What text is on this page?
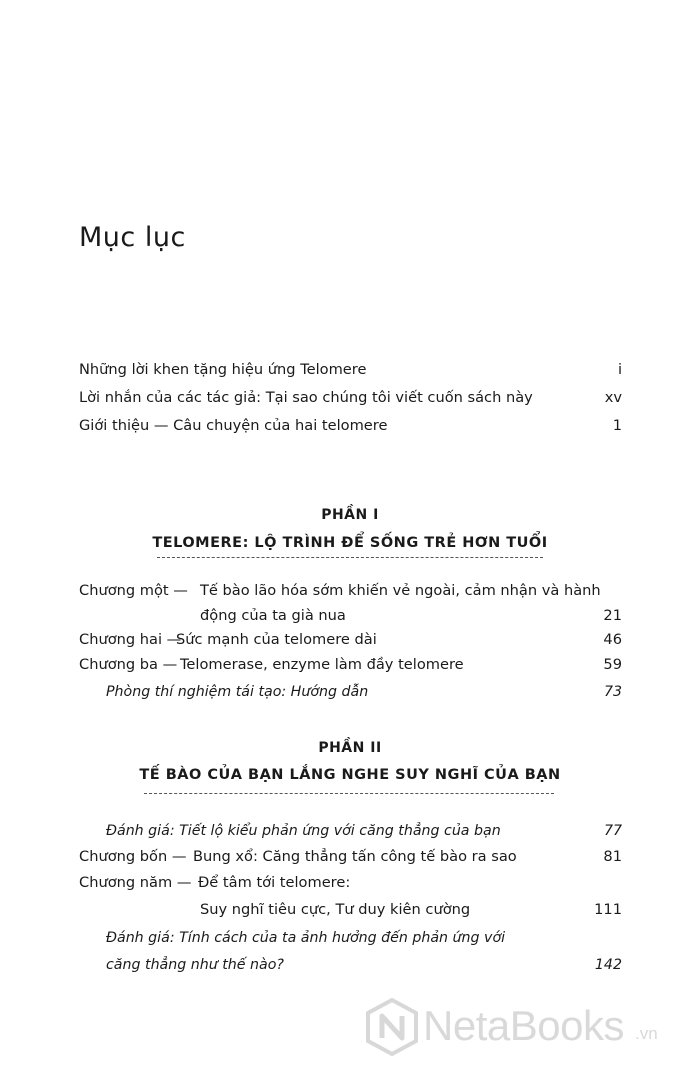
Mục lục
Những lời khen tặng hiệu ứng Telomere	i
Lời nhắn của các tác giả: Tại sao chúng tôi viết cuốn sách này	xv
Giới thiệu — Câu chuyện của hai telomere	1
PHẦN I
TELOMERE: LỘ TRÌNH ĐỂ SỐNG TRẺ HƠN TUỔI
Chương một — Tế bào lão hóa sớm khiến vẻ ngoài, cảm nhận và hành
động của ta già nua	21
Chương hai —
Sức mạnh của telomere dài	46
Chương ba — Telomerase, enzyme làm đầy telomere	59
Phòng thí nghiệm tái tạo: Hướng dẫn	73
PHẦN II
TẾ BÀO CỦA BẠN LẮNG NGHE SUY NGHĨ CỦA BẠN
Đánh giá: Tiết lộ kiểu phản ứng với căng thẳng của bạn	77
Chương bốn — Bung xổ: Căng thẳng tấn công tế bào ra sao	81
Chương năm — Để tâm tới telomere:
Suy nghĩ tiêu cực, Tư duy kiên cường	111
Đánh giá: Tính cách của ta ảnh hưởng đến phản ứng với
căng thẳng như thế nào?	142
NetaBooks .vn
